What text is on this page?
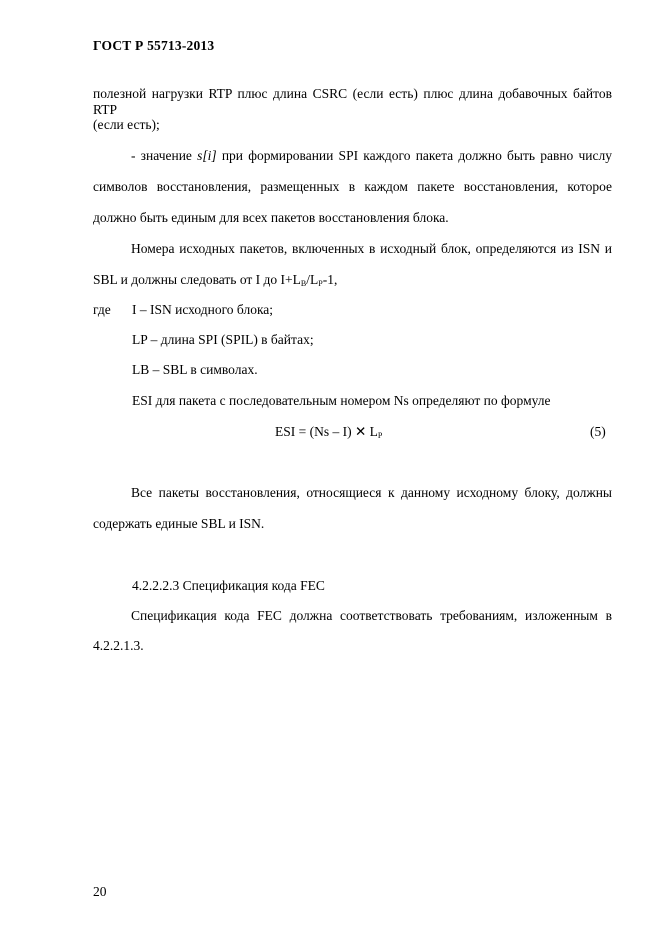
ГОСТ Р 55713-2013
полезной нагрузки RTP плюс длина CSRC (если есть) плюс длина добавочных байтов RTP
(если есть);
- значение s[i] при формировании SPI каждого пакета должно быть равно числу
символов восстановления, размещенных в каждом пакете восстановления, которое
должно быть единым для всех пакетов восстановления блока.
Номера исходных пакетов, включенных в исходный блок, определяются из ISN и
SBL и должны следовать от I до $I+L_B/L_P-1$,
где I – ISN исходного блока;
LP – длина SPI (SPIL) в байтах;
LB – SBL в символах.
ESI для пакета с последовательным номером Ns определяют по формуле
ESI = (Ns – I) ✕ $L_P$	(5)
Все пакеты восстановления, относящиеся к данному исходному блоку, должны
содержать единые SBL и ISN.
4.2.2.2.3 Спецификация кода FEC
Спецификация кода FEC должна соответствовать требованиям, изложенным в
4.2.2.1.3.
20
